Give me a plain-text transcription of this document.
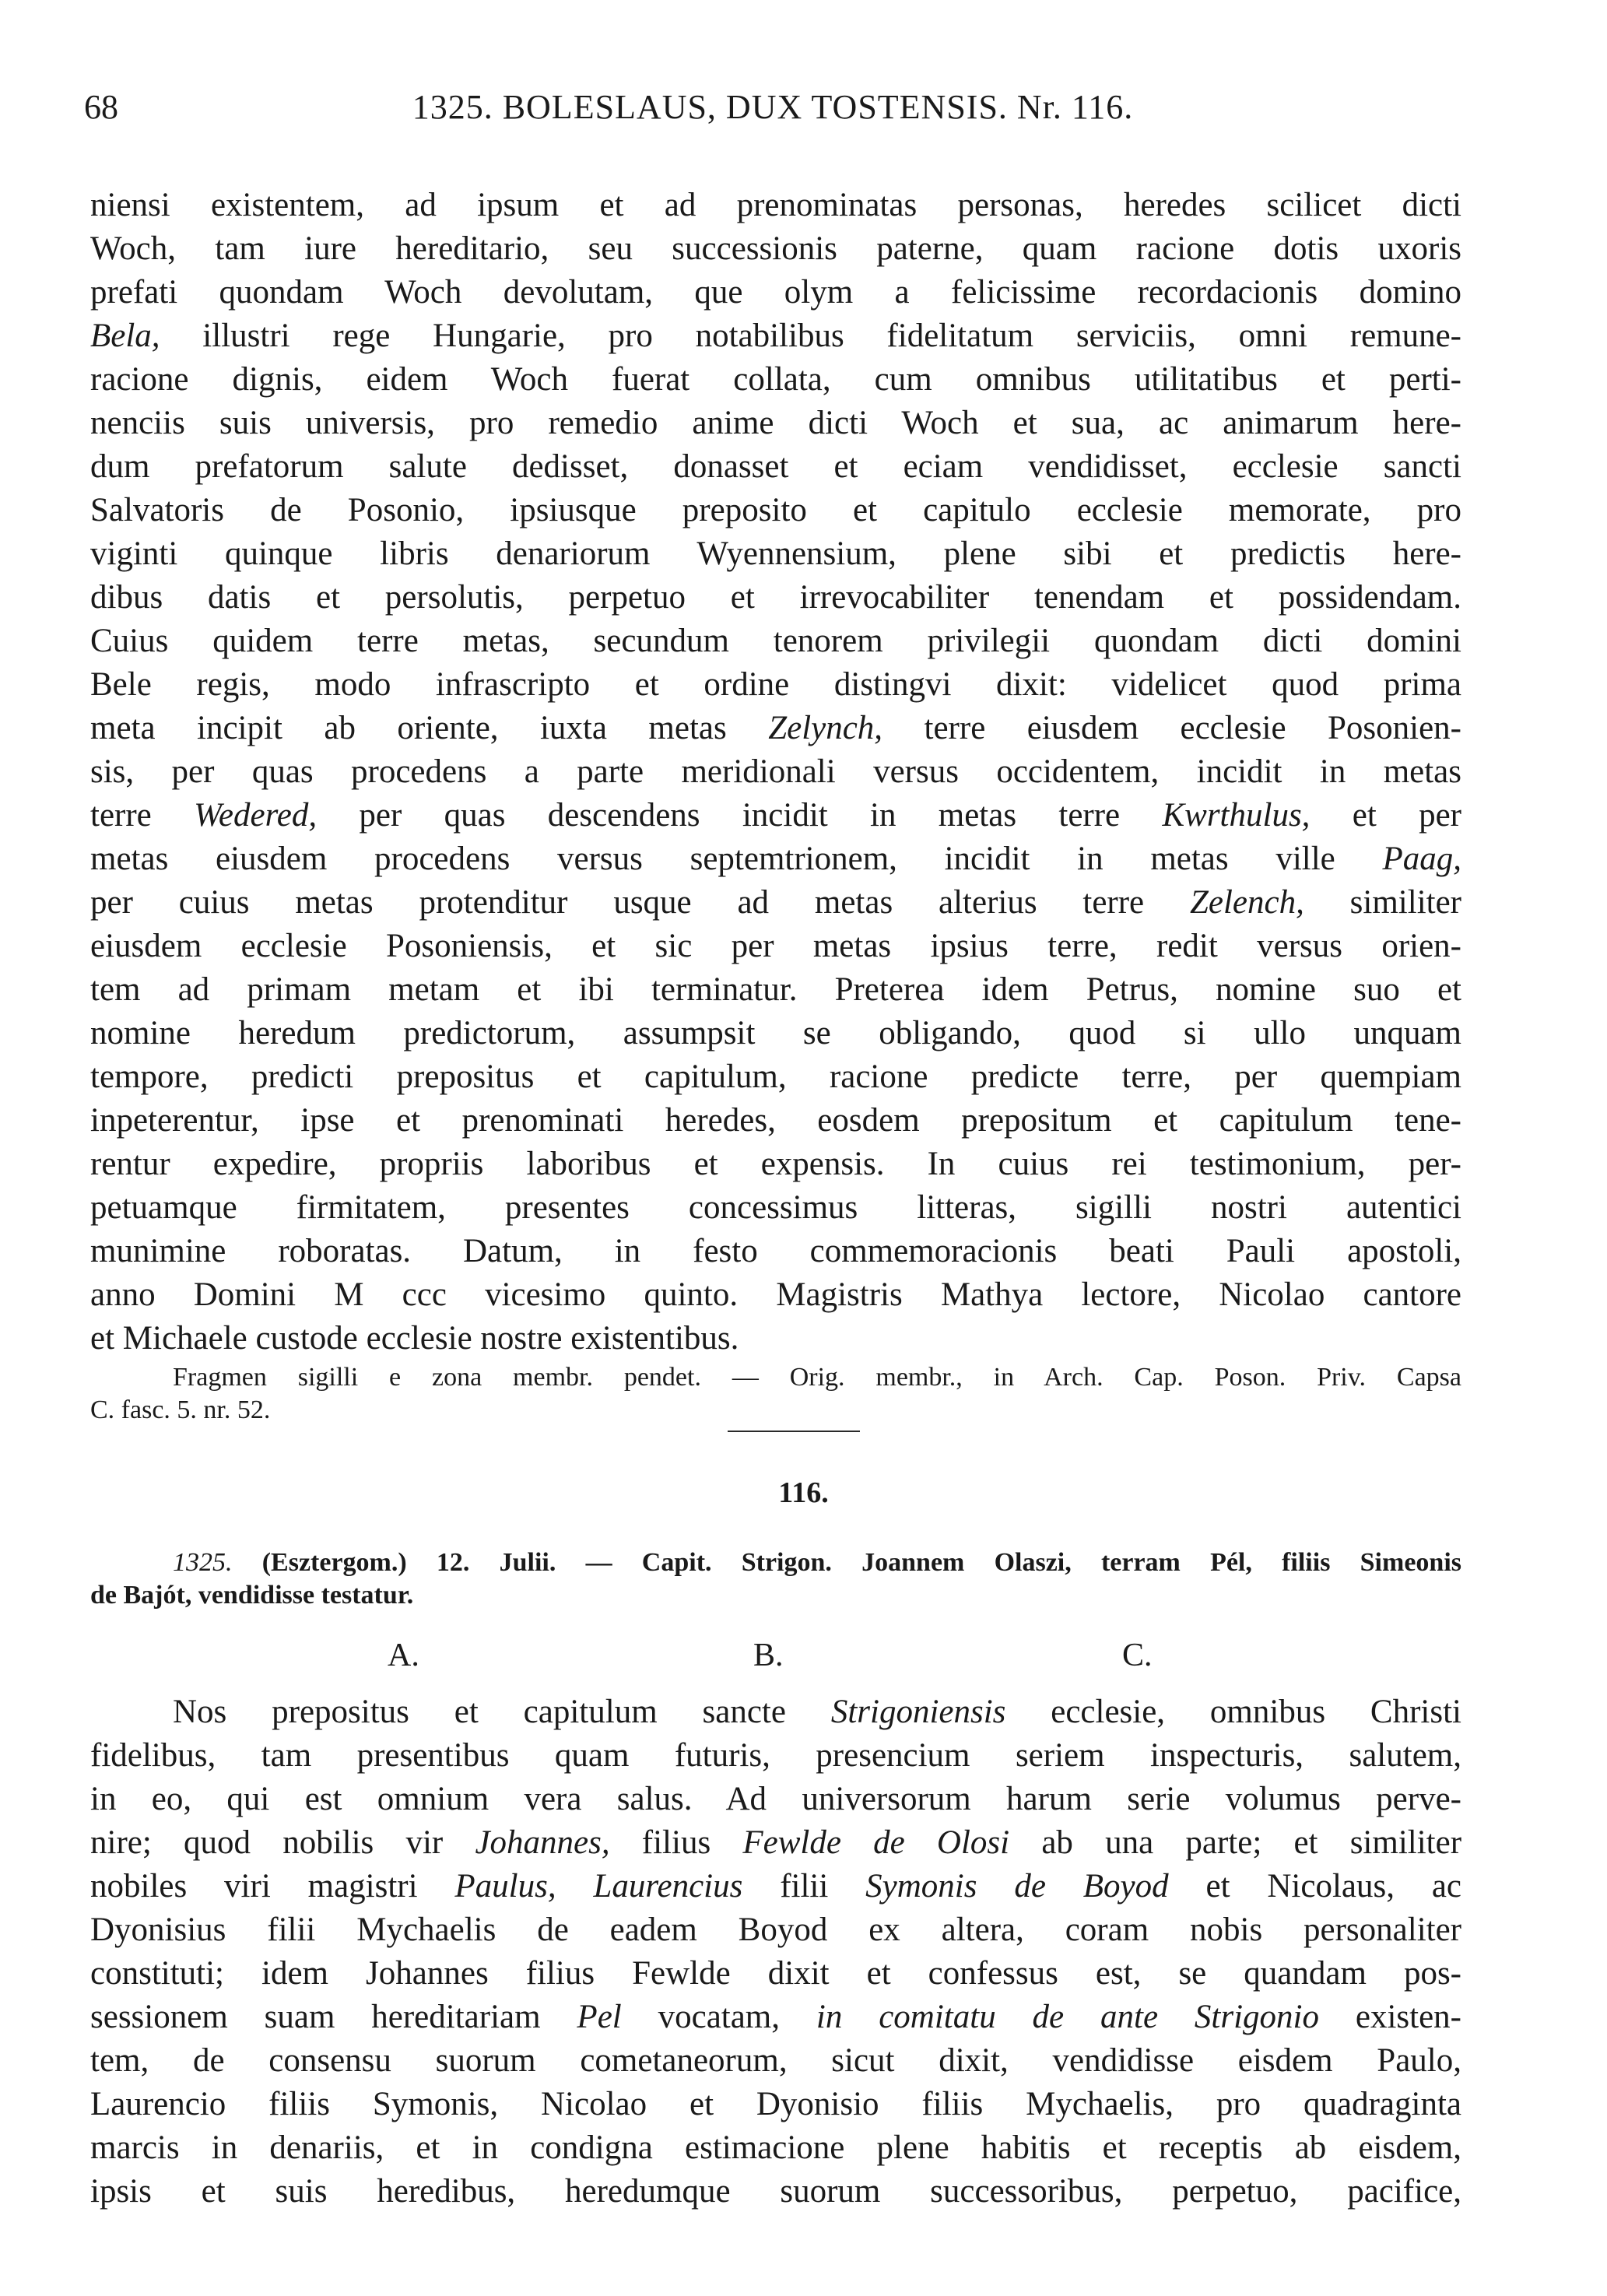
68	1325. BOLESLAUS, DUX TOSTENSIS. Nr. 116.
niensi existentem, ad ipsum et ad prenominatas personas, heredes scilicet dicti
Woch, tam iure hereditario, seu successionis paterne, quam racione dotis uxoris
prefati quondam Woch devolutam, que olym a felicissime recordacionis domino
Bela, illustri rege Hungarie, pro notabilibus fidelitatum serviciis, omni remune-
racione dignis, eidem Woch fuerat collata, cum omnibus utilitatibus et perti-
nenciis suis universis, pro remedio anime dicti Woch et sua, ac animarum here-
dum prefatorum salute dedisset, donasset et eciam vendidisset, ecclesie sancti
Salvatoris de Posonio, ipsiusque preposito et capitulo ecclesie memorate, pro
viginti quinque libris denariorum Wyennensium, plene sibi et predictis here-
dibus datis et persolutis, perpetuo et irrevocabiliter tenendam et possidendam.
Cuius quidem terre metas, secundum tenorem privilegii quondam dicti domini
Bele regis, modo infrascripto et ordine distingvi dixit: videlicet quod prima
meta incipit ab oriente, iuxta metas Zelynch, terre eiusdem ecclesie Posonien-
sis, per quas procedens a parte meridionali versus occidentem, incidit in metas
terre Wedered, per quas descendens incidit in metas terre Kwrthulus, et per
metas eiusdem procedens versus septemtrionem, incidit in metas ville Paag,
per cuius metas protenditur usque ad metas alterius terre Zelench, similiter
eiusdem ecclesie Posoniensis, et sic per metas ipsius terre, redit versus orien-
tem ad primam metam et ibi terminatur. Preterea idem Petrus, nomine suo et
nomine heredum predictorum, assumpsit se obligando, quod si ullo unquam
tempore, predicti prepositus et capitulum, racione predicte terre, per quempiam
inpeterentur, ipse et prenominati heredes, eosdem prepositum et capitulum tene-
rentur expedire, propriis laboribus et expensis. In cuius rei testimonium, per-
petuamque firmitatem, presentes concessimus litteras, sigilli nostri autentici
munimine roboratas. Datum, in festo commemoracionis beati Pauli apostoli,
anno Domini M ccc vicesimo quinto. Magistris Mathya lectore, Nicolao cantore
et Michaele custode ecclesie nostre existentibus.
Fragmen sigilli e zona membr. pendet. — Orig. membr., in Arch. Cap. Poson. Priv. Capsa
C. fasc. 5. nr. 52.
116.
1325. (Esztergom.) 12. Julii. — Capit. Strigon. Joannem Olaszi, terram Pél, filiis Simeonis
de Bajót, vendidisse testatur.
A.	B.	C.
Nos prepositus et capitulum sancte Strigoniensis ecclesie, omnibus Christi
fidelibus, tam presentibus quam futuris, presencium seriem inspecturis, salutem,
in eo, qui est omnium vera salus. Ad universorum harum serie volumus perve-
nire; quod nobilis vir Johannes, filius Fewlde de Olosi ab una parte; et similiter
nobiles viri magistri Paulus, Laurencius filii Symonis de Boyod et Nicolaus, ac
Dyonisius filii Mychaelis de eadem Boyod ex altera, coram nobis personaliter
constituti; idem Johannes filius Fewlde dixit et confessus est, se quandam pos-
sessionem suam hereditariam Pel vocatam, in comitatu de ante Strigonio existen-
tem, de consensu suorum cometaneorum, sicut dixit, vendidisse eisdem Paulo,
Laurencio filiis Symonis, Nicolao et Dyonisio filiis Mychaelis, pro quadraginta
marcis in denariis, et in condigna estimacione plene habitis et receptis ab eisdem,
ipsis et suis heredibus, heredumque suorum successoribus, perpetuo, pacifice,
